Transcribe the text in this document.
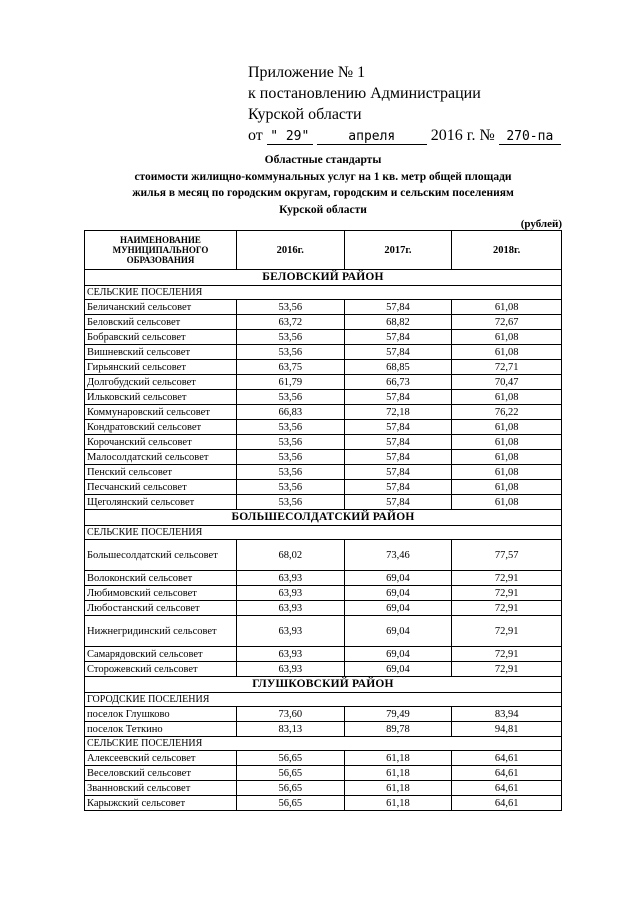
Приложение № 1
к постановлению Администрации
Курской области
от " 29"	апреля 2016 г. № 270-па
Областные стандарты
стоимости жилищно-коммунальных услуг на 1 кв. метр общей площади
жилья в месяц по городским округам, городским и сельским поселениям
Курской области
(рублей)
НАИМЕНОВАНИЕ МУНИЦИПАЛЬНОГО ОБРАЗОВАНИЯ	2016г.	2017г.	2018г.
БЕЛОВСКИЙ РАЙОН			
СЕЛЬСКИЕ ПОСЕЛЕНИЯ			
Беличанский сельсовет	53,56	57,84	61,08
Беловский сельсовет	63,72	68,82	72,67
Бобравский сельсовет	53,56	57,84	61,08
Вишневский сельсовет	53,56	57,84	61,08
Гирьянский сельсовет	63,75	68,85	72,71
Долгобудский сельсовет	61,79	66,73	70,47
Ильковский сельсовет	53,56	57,84	61,08
Коммунаровский сельсовет	66,83	72,18	76,22
Кондратовский сельсовет	53,56	57,84	61,08
Корочанский сельсовет	53,56	57,84	61,08
Малосолдатский сельсовет	53,56	57,84	61,08
Пенский сельсовет	53,56	57,84	61,08
Песчанский сельсовет	53,56	57,84	61,08
Щеголянский сельсовет	53,56	57,84	61,08
БОЛЬШЕСОЛДАТСКИЙ РАЙОН			
СЕЛЬСКИЕ ПОСЕЛЕНИЯ			
Большесолдатский сельсовет	68,02	73,46	77,57
Волоконский сельсовет	63,93	69,04	72,91
Любимовский сельсовет	63,93	69,04	72,91
Любостанский сельсовет	63,93	69,04	72,91
Нижнегридинский сельсовет	63,93	69,04	72,91
Самарядовский сельсовет	63,93	69,04	72,91
Сторожевский сельсовет	63,93	69,04	72,91
ГЛУШКОВСКИЙ РАЙОН			
ГОРОДСКИЕ ПОСЕЛЕНИЯ			
поселок Глушково	73,60	79,49	83,94
поселок Теткино	83,13	89,78	94,81
СЕЛЬСКИЕ ПОСЕЛЕНИЯ			
Алексеевский сельсовет	56,65	61,18	64,61
Веселовский сельсовет	56,65	61,18	64,61
Званновский сельсовет	56,65	61,18	64,61
Карыжский сельсовет	56,65	61,18	64,61
